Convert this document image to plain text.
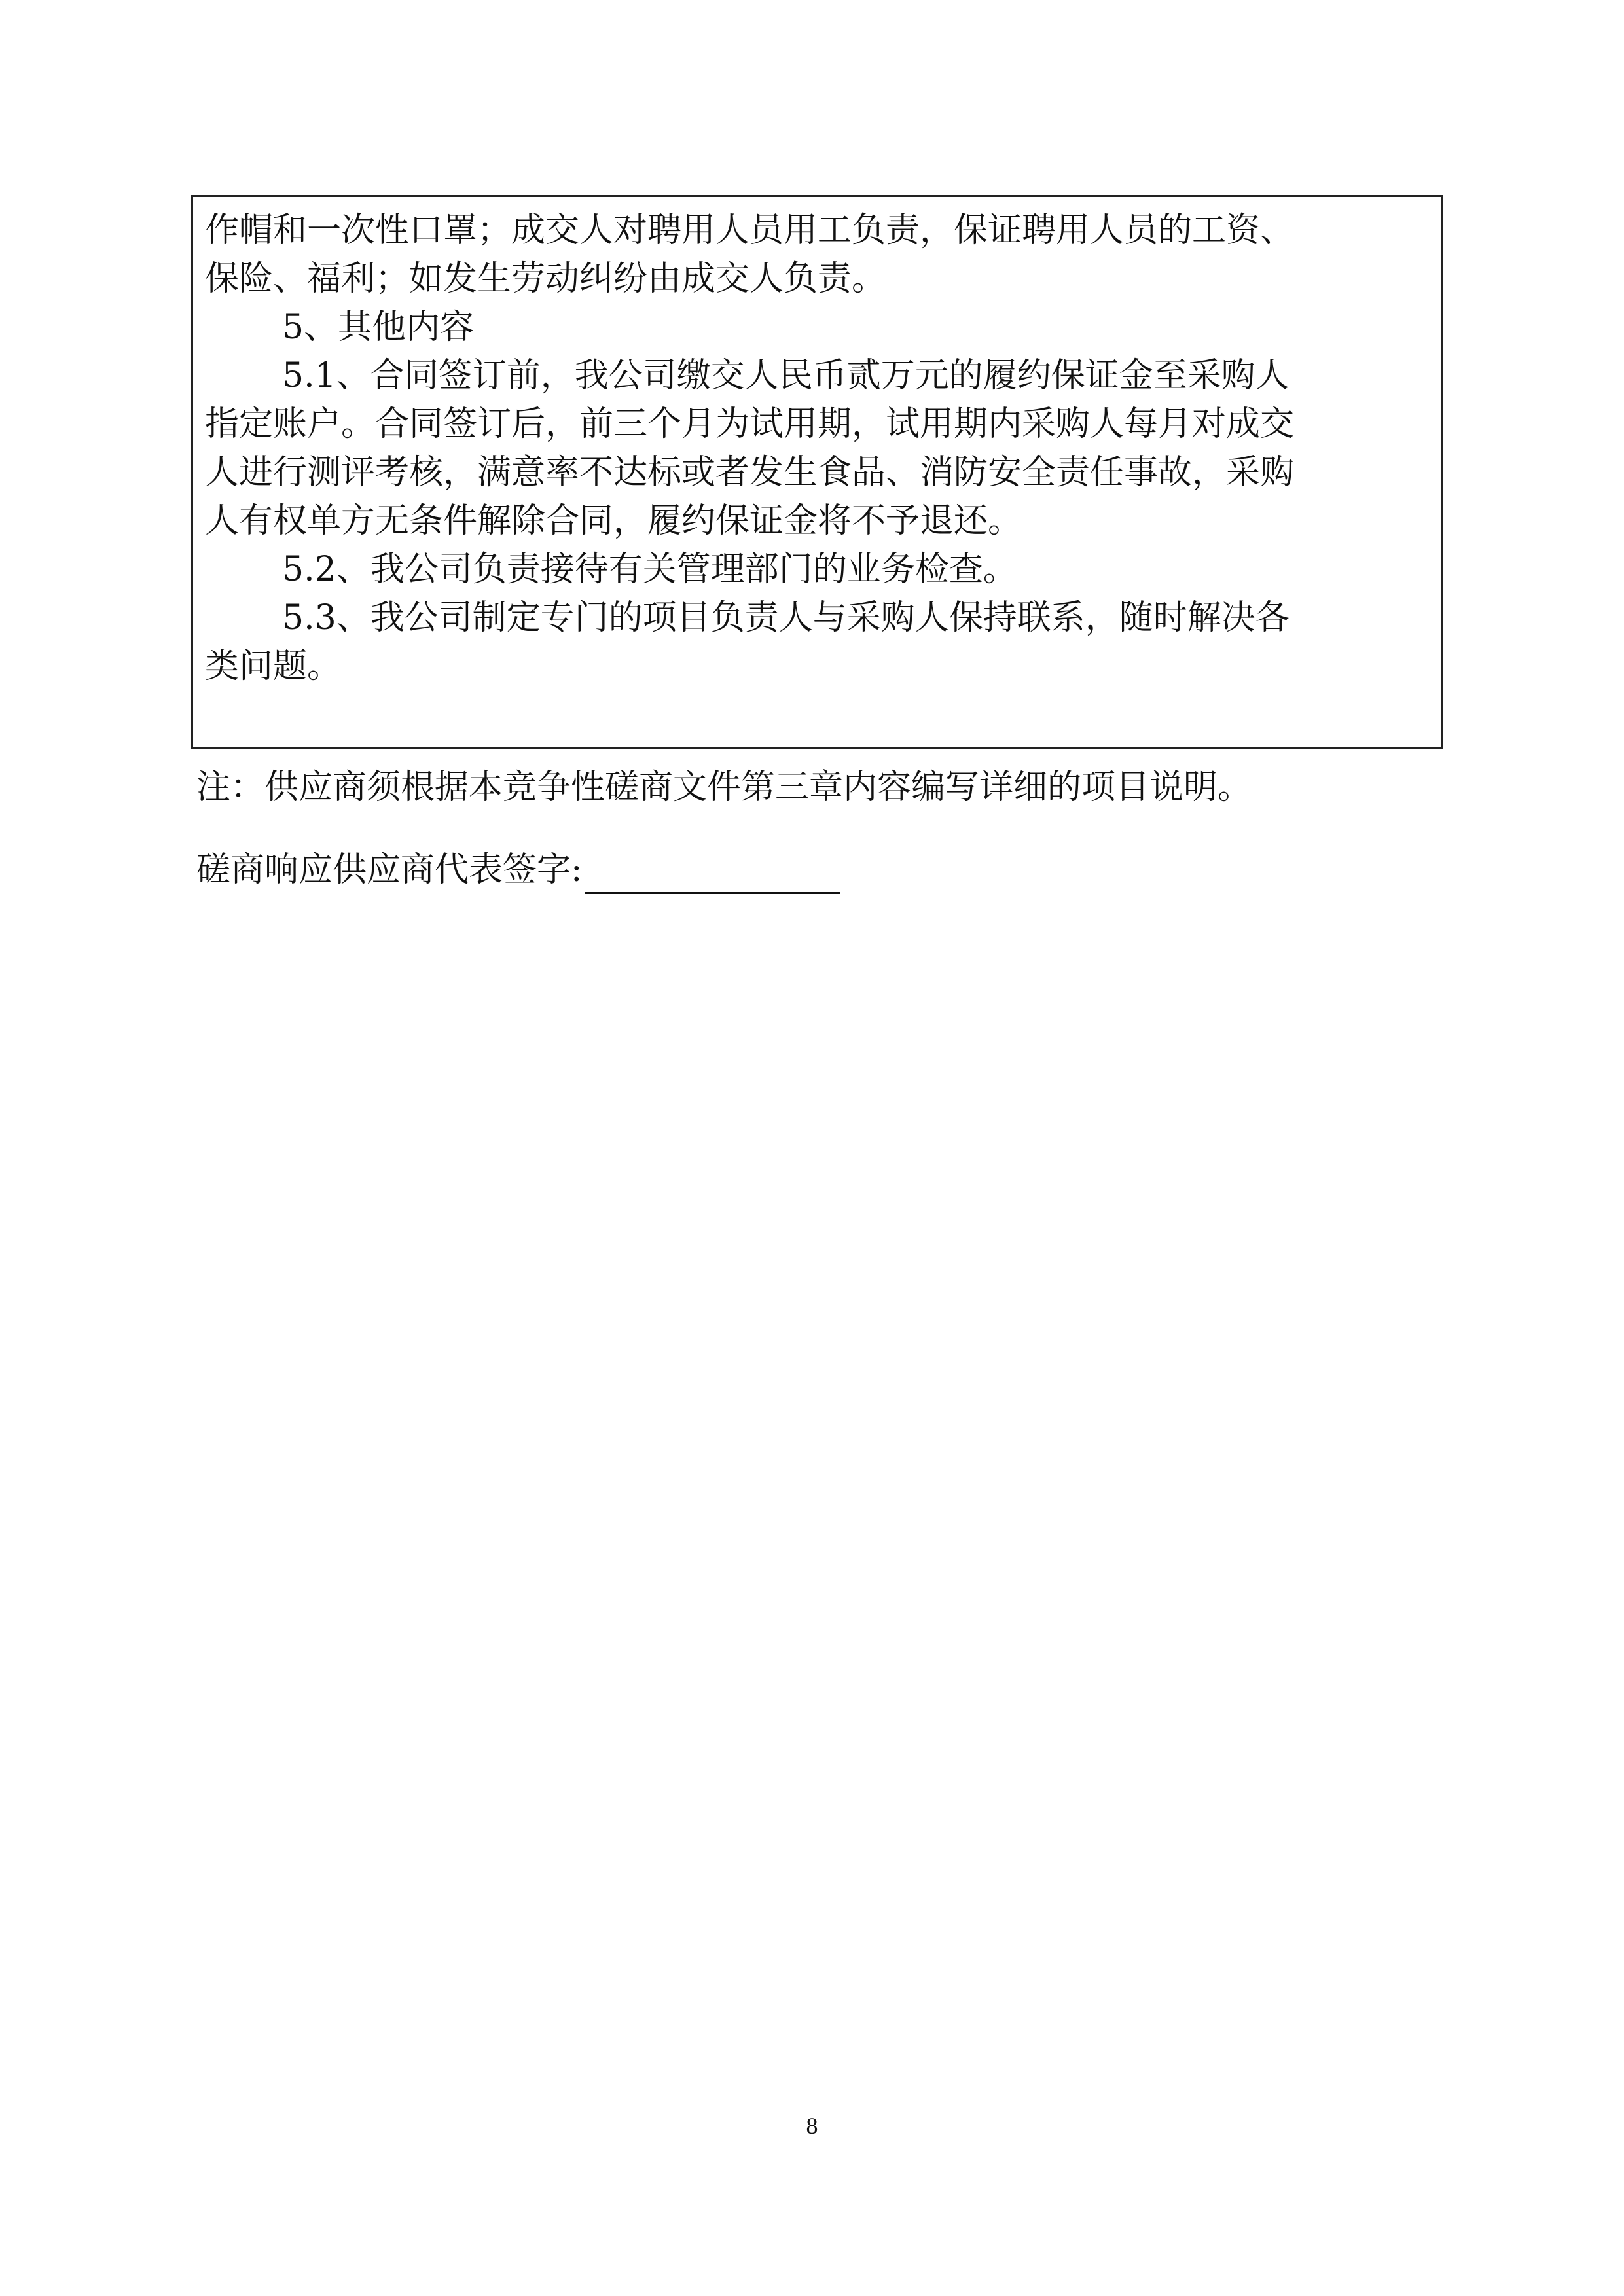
作帽和一次性口罩；成交人对聘用人员用工负责，保证聘用人员的工资、
保险、福利；如发生劳动纠纷由成交人负责。

5、其他内容

5.1、合同签订前，我公司缴交人民币贰万元的履约保证金至采购人
指定账户。合同签订后，前三个月为试用期，试用期内采购人每月对成交
人进行测评考核，满意率不达标或者发生食品、消防安全责任事故，采购
人有权单方无条件解除合同，履约保证金将不予退还。

5.2、我公司负责接待有关管理部门的业务检查。

5.3、我公司制定专门的项目负责人与采购人保持联系，随时解决各
类问题。

注：供应商须根据本竞争性磋商文件第三章内容编写详细的项目说明。

磋商响应供应商代表签字:

8
